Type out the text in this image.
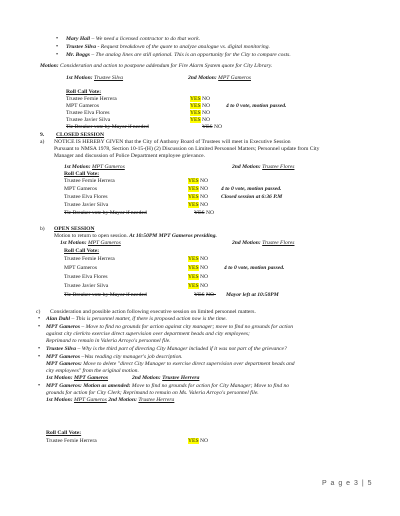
• Mary Hall – We need a licensed contractor to do that work.
• Trustee Silva - Request breakdown of the quote to analyze analogue vs. digital monitoring.
• Mr. Boggs – The analog lines are still optional. This is an opportunity for the City to compare costs.
Motion: Consideration and action to postpone addendum for Fire Alarm System quote for City Library.
1st Motion: Trustee Silva	2nd Motion: MPT Gameros
Roll Call Vote:
Trustee Fernie Herrera	YES NO
MPT Gameros	YES NO	4 to 0 vote, motion passed.
Trustee Elva Flores	YES NO
Trustee Javier Silva	YES NO
Tie Breaker vote by Mayor if needed	YES NO
9. CLOSED SESSION
a) NOTICE IS HEREBY GIVEN that the City of Anthony Board of Trustees will meet in Executive Session
Pursuant to NMSA 1978, Section 10-15-(H) (2) Discussion on Limited Personnel Matters; Personnel update from City
Manager and discussion of Police Department employee grievance.
1st Motion: MPT Gameros	2nd Motion: Trustee Flores
Roll Call Vote:
Trustee Fernie Herrera	YES NO
MPT Gameros	YES NO 4 to 0 vote, motion passed.
Trustee Elva Flores	YES NO Closed session at 6:36 P.M
Trustee Javier Silva	YES NO
Tie Breaker vote by Mayor if needed	YES NO
b) OPEN SESSION
Motion to return to open session. At 10:50PM MPT Gameros presiding.
1st Motion: MPT Gameros	2nd Motion: Trustee Flores
Roll Call Vote:
Trustee Fernie Herrera	YES NO
MPT Gameros	YES NO	4 to 0 vote, motion passed.
Trustee Elva Flores	YES NO
Trustee Javier Silva	YES NO
Tie Breaker vote by Mayor if needed	YES NO- Mayor left at 10:50PM
c) Consideration and possible action following executive session on limited personnel matters.
• Alan Dahl – This is personnel matter, if there is proposed action now is the time.
• MPT Gameros – Move to find no grounds for action against city manager; move to find no grounds for action
against city clerk/to exercise direct supervision over department heads and city employees;
Reprimand to remain in Valeria Arroyo's personnel file.
• Trustee Silva – Why is the third part of directing City Manager included if it was not part of the grievance?
• MPT Gameros –Was reading city manager's job description.
MPT Gameros: Move to delete "direct City Manager to exercise direct supervision over department heads and
city employees" from the original motion.
1st Motion: MPT Gameros	2nd Motion: Trustee Herrera
• MPT Gameros: Motion as amended: Move to find no grounds for action for City Manager; Move to find no
grounds for action for City Clerk; Reprimand to remain on Ms. Valeria Arroyo's personnel file.
1st Motion: MPT Gameros 2nd Motion: Trustee Herrera
Roll Call Vote:
Trustee Fernie Herrera	YES NO
P a g e 3 | 5
